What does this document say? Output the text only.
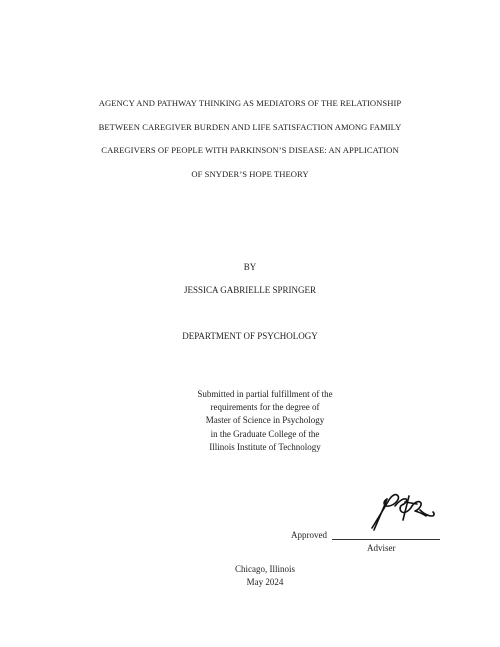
AGENCY AND PATHWAY THINKING AS MEDIATORS OF THE RELATIONSHIP
BETWEEN CAREGIVER BURDEN AND LIFE SATISFACTION AMONG FAMILY
CAREGIVERS OF PEOPLE WITH PARKINSON’S DISEASE: AN APPLICATION
OF SNYDER’S HOPE THEORY
BY
JESSICA GABRIELLE SPRINGER
DEPARTMENT OF PSYCHOLOGY
Submitted in partial fulfillment of the
requirements for the degree of
Master of Science in Psychology
in the Graduate College of the
Illinois Institute of Technology
Approved
Adviser
Chicago, Illinois
May 2024
